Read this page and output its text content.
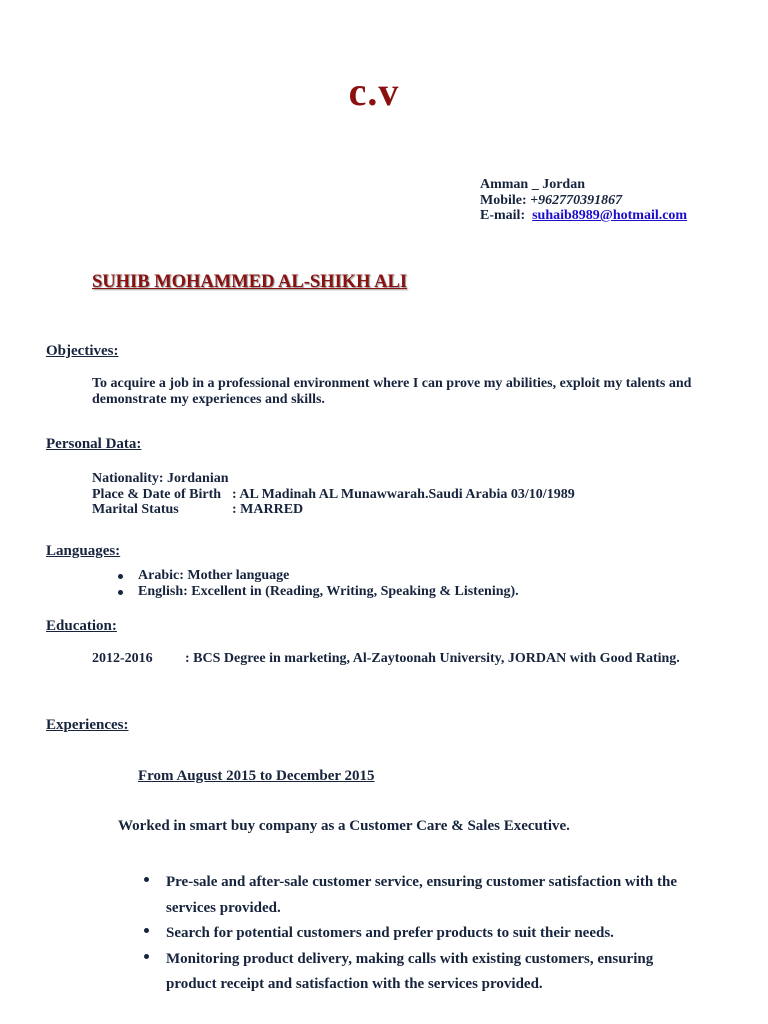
c.v
Amman _ Jordan
Mobile: +962770391867
E-mail: suhaib8989@hotmail.com
SUHIB MOHAMMED AL-SHIKH ALI
Objectives:
To acquire a job in a professional environment where I can prove my abilities, exploit my talents and
demonstrate my experiences and skills.
Personal Data:
Nationality: Jordanian
Place & Date of Birth : AL Madinah AL Munawwarah.Saudi Arabia 03/10/1989
Marital Status	: MARRED
Languages:
Arabic: Mother language
English: Excellent in (Reading, Writing, Speaking & Listening).
Education:
2012-2016 : BCS Degree in marketing, Al-Zaytoonah University, JORDAN with Good Rating.
Experiences:
From August 2015 to December 2015
Worked in smart buy company as a Customer Care & Sales Executive.
Pre-sale and after-sale customer service, ensuring customer satisfaction with the
services provided.
Search for potential customers and prefer products to suit their needs.
Monitoring product delivery, making calls with existing customers, ensuring
product receipt and satisfaction with the services provided.
